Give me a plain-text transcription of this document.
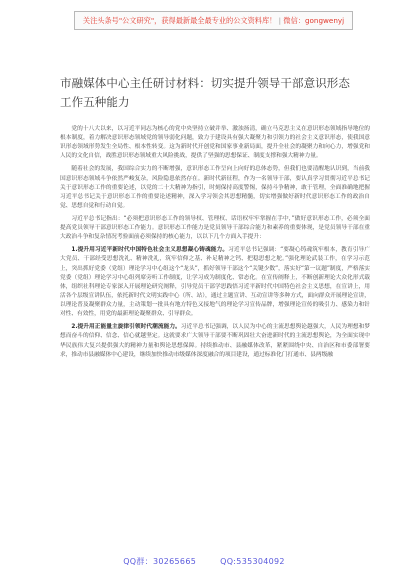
关注头条号"公文研究"，获得最新最全最专业的公文资料库！ | 微信：gongwenyj
市融媒体中心主任研讨材料：切实提升领导干部意识形态工作五种能力

党的十八大以来，以习近平同志为核心的党中央坚持立破并举、激浊扬清，确立马克思主义在意识形态领域指导地位的根本制度，着力解决意识形态领域党的领导弱化问题，致力于建设具有强大凝聚力和引领力的社会主义意识形态，使我国意识形态领域形势发生全局性、根本性转变。这为新时代开创党和国家事业新局面，提升全社会的凝聚力和向心力，增强党和人民的文化自信，战胜意识形态领域重大风险挑战，提供了坚强的思想保证、制度支撑和强大精神力量。

随着社会的发展，我国综合实力的不断增强，意识形态工作呈向上向好的总体态势，但我们也要清醒地认识到，当前我国意识形态领域斗争依然严峻复杂，风险隐患依然存在。新时代新征程，作为一名领导干部，要认真学习贯彻习近平总书记关于意识形态工作的重要论述，以党的二十大精神为指引，时刻保持高度警惕，保持斗争精神，敢于管理，全面准确地把握习近平总书记关于意识形态工作的重要论述精神，深入学习领会其思想精髓，切实增强做好新时代意识形态工作的政治自觉、思想自觉和行动自觉。

习近平总书记指出：“必须把意识形态工作的领导权、管理权、话语权牢牢掌握在手中，”做好意识形态工作，必须全面提高党员领导干部意识形态工作能力。意识形态工作能力是党员领导干部综合能力和素养的重要体现，是党员领导干部在重大政治斗争和复杂情况考验面前必须保持的核心能力，以以下几个方面入手提升：

1.提升用习近平新时代中国特色社会主义思想凝心铸魂能力。习近平总书记强调：“要凝心铸魂筑牢根本，教育引导广大党员、干部经受思想洗礼、精神洗礼，筑牢信仰之基、补足精神之钙、把稳思想之舵。”强化理论武装工作，在学习示范上，突出抓好党委（党组）理论学习中心组这个“龙头”，抓好领导干部这个“关键少数”，落实好“第一议题”制度，严格落实党委（党组）理论学习中心组列席旁听工作制度，让学习成为制度化、常态化。在宣传阐释上，不断创新理论大众化形式载体，组织社科理论专家深入开展理论研究阐释，引导党员干部学思践悟习近平新时代中国特色社会主义思想，在宣讲上，用活各个层级宣讲队伍，依托新时代文明实践中心（所、站），通过主题宣讲、互动宣讲等多种方式，面向群众开展理论宣讲，以理论普及凝聚群众力量，主动策划一批具有地方特色又接地气的理论学习宣传品牌，增强理论宣传的吸引力、感染力和针对性、有效性，用党的最新理论凝聚群众、引导群众。

2.提升用正能量主旋律引领时代潮流能力。习近平总书记强调，以人民为中心的主流思想舆论越强大，人民为理想和梦想而奋斗的信仰、信念、信心就越坚定。这就要求广大领导干部要不断巩固壮大奋进新时代的主流思想舆论，为全面实现中华民族伟大复兴提供强大的精神力量和舆论思想保障。持续推动市、县融媒体改革，紧紧围绕中央、自治区和市委部署要求，推动市县融媒体中心建设，继续加快推动市级媒体深度融合的项目建设，通过标准化门打通市、县两级融

QQ群：30265665	QQ:535304092
